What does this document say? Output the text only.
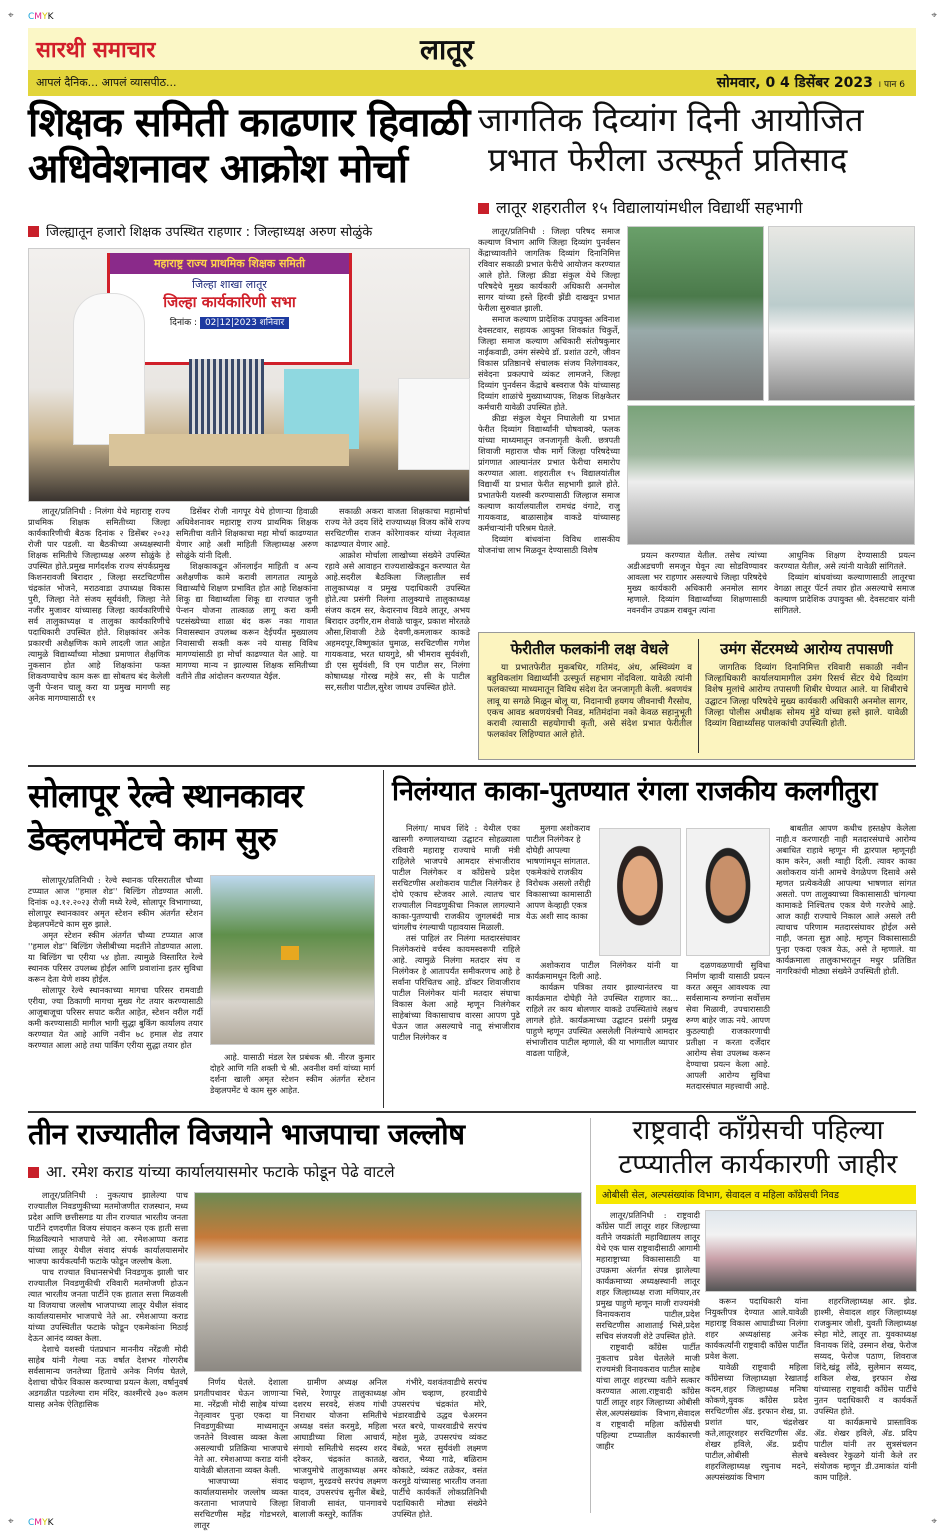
⌖ CMYK	⌖
सारथी समाचार	लातूर
आपलं दैनिक... आपलं व्यासपीठ...	सोमवार, 0 4 डिसेंबर 2023 । पान 6
शिक्षक समिती काढणार हिवाळी
अधिवेशनावर आक्रोश मोर्चा
जिल्ह्यातून हजारो शिक्षक उपस्थित राहणार : जिल्हाध्यक्ष अरुण सोळुंके
महाराष्ट्र राज्य प्राथमिक शिक्षक समिती
जिल्हा शाखा लातूर
जिल्हा कार्यकारिणी सभा
दिनांक : 02|12|2023 शनिवार

लातूर/प्रतिनिधी : निलंगा येथे महाराष्ट्र राज्य प्राथमिक शिक्षक समितीच्या जिल्हा कार्यकारिणीची बैठक दिनांक २ डिसेंबर २०२३ रोजी पार पडली. या बैठकीच्या अध्यक्षस्थानी शिक्षक समितीचे जिल्हाध्यक्ष अरुण सोळुंके हे उपस्थित होते.प्रमुख मार्गदर्शक राज्य संपर्कप्रमुख किशनरावजी बिरादार , जिल्हा सरटचिटणीस चंद्रकांत भोजने, मराठवाडा उपाध्यक्ष विकास पुरी, जिल्हा नेते संजय सूर्यवंशी, जिल्हा नेते नजीर मुजावर यांच्यासह जिल्हा कार्यकारिणीचे सर्व तालुकाध्यक्ष व तालुका कार्यकारिणीचे पदाधिकारी उपस्थित होते. शिक्षकांवर अनेक प्रकारची अशैक्षणिक कामे लादली जात आहेत त्यामुळे विद्यार्थ्यांच्या मोठ्या प्रमाणात शैक्षणिक नुकसान होत आहे शिक्षकांना फक्त शिकवण्याचेच काम करू द्या सोबतच बंद केलेली जुनी पेन्शन चालू करा या प्रमुख मागणी सह अनेक मागण्यासाठी ११

डिसेंबर रोजी नागपूर येथे होणाऱ्या हिवाळी अधिवेशनावर महाराष्ट्र राज्य प्राथमिक शिक्षक समितीचा वतीने शिक्षकाचा महा मोर्चा काढण्यात येणार आहे अशी माहिती जिल्हाध्यक्ष अरुण सोळुंके यांनी दिली.

शिक्षकाकडून ऑनलाईन माहिती व अन्य अशैक्षणीक कामे करावी लागतात त्यामुळे विद्यार्थ्यांचे शिक्षण प्रभावित होत आहे शिक्षकांना शिकू द्या विद्यार्थ्यांला शिकू द्या राज्यात जुनी पेन्शन योजना तात्काळ लागू करा कमी पटसंख्येच्या शाळा बंद करू नका गावात निवासस्थान उपलब्ध करून देईपर्यंत मुख्यालय निवासाची सक्ती करू नये यासह विविध मागण्यांसाठी हा मोर्चा काढण्यात येत आहे. या मागण्या मान्य न झाल्यास शिक्षक समितीच्या वतीने तीव्र आंदोलन करण्यात येईल.

सकाळी अकरा वाजता शिक्षकाचा महामोर्चा राज्य नेते उदय शिंदे राज्याध्यक्ष विजय कोंबे राज्य सरचिटणीस राजन कोरेगावकर यांच्या नेतृत्वात काढण्यात येणार आहे.

आक्रोश मोर्चाला लाखोच्या संख्येने उपस्थित रहावे असे आवाहन राज्यशाखेकडून करण्यात येत आहे.सदरील बैठकिला जिल्हातील सर्व तालुकाध्यक्ष व प्रमुख पदाधिकारी उपस्थित होते.त्या प्रसंगी निलंगा तालुक्याचे तालुकाध्यक्ष संजय कदम सर, केदारनाथ विडवे लातूर, अभय बिरादार उदगीर,राम शेवाळे चाकूर, प्रकाश मोरतळे औसा,शिवाजी टेळे देवणी,कमलाकर काकडे अहमदपूर,विष्णुकांत घुमाळ, सरचिटणीस गणेश गायकवाड, भरत धायगुडे, श्री भीमराव सुर्यवंशी, डी एस सुर्यवंशी, वि एम पाटील सर, निलंगा कोषाध्यक्ष गोरख महेत्रे सर, सी के पाटील सर,सतीश पाटील,सुरेश जाधव उपस्थित होते.

जागतिक दिव्यांग दिनी आयोजित
प्रभात फेरीला उत्स्फूर्त प्रतिसाद
लातूर शहरातील १५ विद्यालायांमधील विद्यार्थी सहभागी

लातूर/प्रतिनिधी : जिल्हा परिषद समाज कल्याण विभाग आणि जिल्हा दिव्यांग पुनर्वसन केंद्राच्यावतीने जागतिक दिव्यांग दिनानिमित्त रविवार सकाळी प्रभात फेरीचे आयोजन करण्यात आले होते. जिल्हा क्रीडा संकुल येथे जिल्हा परिषदेचे मुख्य कार्यकारी अधिकारी अनमोल सागर यांच्या हस्ते हिरवी झेंडी दाखवून प्रभात फेरीला सुरुवात झाली.

समाज कल्याण प्रादेशिक उपायुक्त अविनाश देवसटवार, सहायक आयुक्त शिवकांत चिकुर्ते, जिल्हा समाज कल्याण अधिकारी संतोषकुमार नाईकवाडी, उमंग संस्थेचे डॉ. प्रशांत उटगे, जीवन विकास प्रतिष्ठानचे संचालक संजय निलेगावकर, संवेदना प्रकल्पाचे व्यंकट लामजने, जिल्हा दिव्यांग पुनर्वसन केंद्राचे बस्वराज पैके यांच्यासह दिव्यांग शाळांचे मुख्याध्यापक, शिक्षक शिक्षकेतर कर्मचारी यावेळी उपस्थित होते.

क्रीडा संकुल येथून निघालेली या प्रभात फेरीत दिव्यांग विद्यार्थ्यांनी घोषवाक्ये, फलक यांच्या माध्यमातून जनजागृती केली. छत्रपती शिवाजी महाराज चौक मार्गे जिल्हा परिषदेच्या प्रांगणात आल्यानंतर प्रभात फेरीचा समारोप करण्यात आला. शहरातील १५ विद्यालयांतील विद्यार्थी या प्रभात फेरीत सहभागी झाले होते. प्रभातफेरी यशस्वी करण्यासाठी जिल्हाज समाज कल्याण कार्यालयातील रामचंद्र वंगाटे, राजु गायकवाड, बाळासाहेब वाकडे यांच्यासह कर्मचाऱ्यांनी परिश्रम घेतले.

दिव्यांग बांधवांना विविध शासकीय योजनांचा लाभ मिळवून देण्यासाठी विशेष	प्रयत्न करण्यात येतील. तसेच त्यांच्या अडीअडचणी समजून घेवून त्या सोडविण्यावर आवत्ला भर राहणार असल्याचे जिल्हा परिषदेचे मुख्य कार्यकारी अधिकारी अनमोल सागर म्हणाले. दिव्यांग विद्यार्थ्यांच्या शिक्षणासाठी नवनवीन उपक्रम राबवून त्यांना

आधुनिक शिक्षण देण्यासाठी प्रयत्न करण्यात येतील, असे त्यांनी यावेळी सांगितले.

दिव्यांग बांधवांच्या कल्याणासाठी लातूरचा वेगळा लातूर पॅटर्न तयार होत असल्याचे समाज कल्याण प्रादेशिक उपायुक्त श्री. देवसटवार यांनी सांगितले.

फेरीतील फलकांनी लक्ष वेधले

या प्रभातफेरीत मुकबधिर, गतिमंद, अंध, अस्थिव्यंग व बहुविकलांग विद्यार्थ्यांनी उत्स्फुर्त सहभाग नोंदविला. यावेळी त्यांनी फलकाच्या माध्यमातून विविध संदेश देत जनजागृती केली. श्रवणयंत्र लावू या सगळे मिळून बोलू या, निदानाची हयगय जीवनाची गैरसोय, एकच आवड श्रवणयंत्रची निवड, मतिमंदांना नको केवळ सहानुभूती करावी त्यासाठी सहयोगाची कृती, असे संदेश प्रभात फेरीतील फलकांवर लिहिण्यात आले होते.

उमंग सेंटरमध्ये आरोग्य तपासणी

जागतिक दिव्यांग दिनानिमित्त रविवारी सकाळी नवीन जिल्हाधिकारी कार्यालयामागील उमंग रिसर्च सेंटर येथे दिव्यांग विशेष मुलांचे आरोग्य तपासणी शिबीर घेण्यात आले. या शिबीराचे उद्घाटन जिल्हा परिषदेचे मुख्य कार्यकारी अधिकारी अनमोल सागर, जिल्हा पोलीस अधीक्षक सोमय मुंडे यांच्या हस्ते झाले. यावेळी दिव्यांग विद्यार्थ्यांसह पालकांची उपस्थिती होती.

सोलापूर रेल्वे स्थानकावर
डेव्हलपमेंटचे काम सुरु

सोलापूर/प्रतिनिधी : रेल्वे स्थानक परिसरातील चौथ्या टप्प्यात आज ''हमाल शेड'' बिल्डिंग तोडण्यात आली. दिनांक ०३.१२.२०२३ रोजी मध्ये रेल्वे, सोलापूर विभागाच्या, सोलापूर स्थानकावर अमृत स्टेशन स्कीम अंतर्गत स्टेशन डेव्हलपमेंटचे काम सुरु झाले.

अमृत स्टेशन स्कीम अंतर्गत चौथ्या टप्प्यात आज ''हमाल शेड'' बिल्डिंग जेसीबीच्या मदतीने तोडण्यात आला. या बिल्डिंग चा एरीया ५४ होता. त्यामुळे विस्तारित रेल्वे स्थानक परिसर उपलब्ध होईल आणि प्रवाशांना इतर सुविधा करून देता येणे शक्य होईल.

सोलापूर रेल्वे स्थानकाच्या मागचा परिसर रामवाडी एरीया, ज्या ठिकाणी मागचा मुख्य गेट तयार करण्यासाठी आजुबाजूचा परिसर सपाट करीत आहेत, स्टेशन वरील गर्दी कमी करण्यासाठी मागील भागी सुद्धा बुकिंग कार्यालय तयार करण्यात येत आहे आणि नवीन ७८ हमाल शेड तयार करण्यात आला आहे तथा पार्किंग एरीया सुद्धा तयार होत

आहे. यासाठी मंडल रेल प्रबंधक श्री. नीरज कुमार दोहरे आणि गति शक्ती चे श्री. अवनीश वर्मा यांच्या मार्ग दर्शना खाली अमृत स्टेशन स्कीम अंतर्गत स्टेशन डेव्हलपमेंट चे काम सुरु आहेत.

निलंग्यात काका-पुतण्यात रंगला राजकीय कलगीतुरा

निलंगा/ माधव शिंदे : येथील एका खासगी रुग्णालयाच्या उद्घाटन सोहळ्याला रविवारी महाराष्ट्र राज्याचे माजी मंत्री राहिलेले भाजपचे आमदार संभाजीराव पाटील निलंगेकर व काँग्रेसचे प्रदेश सरचिटणीस अशोकराव पाटील निलंगेकर हे दोघे एकाच स्टेजवर आले. त्यातच चार राज्यातील निवडणुकीचा निकाल लागल्याने काका-पुतण्याची राजकीय जुगलबंदी मात्र चांगलीच रंगल्याची पहावयास मिळाली.

तसं पाहिलं तर निलंगा मतदारसंघावर निलंगेकरांचे वर्चस्व कायमस्वरूपी राहिले आहे. त्यामुळे निलंगा मतदार संघ व निलंगेकर हे आतापर्यंत समीकरणच आहे हे सर्वांना परिचितच आहे. डॉक्टर शिवाजीराव पाटील निलंगेकर यांनी मतदार संघाचा विकास केला आहे म्हणून निलंगेकर साहेबांच्या विकासाचाच वारसा आपण पुढे घेऊन जात असल्याचे नातू संभाजीराव पाटील निलंगेकर व

मुलगा अशोकराव पाटील निलंगेकर हे दोघेही आपल्या भाषणांमधून सांगतात. एकमेकांचे राजकीय विरोधक असलो तरीही विकासाच्या कामासाठी आपण केव्हाही एकत्र येऊ अशी साद काका

अशोकराव पाटील निलंगेकर यांनी या कार्यक्रमामधून दिली आहे.

कार्यक्रम पत्रिका तयार झाल्यानंतरच या कार्यक्रमात दोघेही नेते उपस्थित राहणार का... राहिले तर काय बोलणार याकडे उपस्थितांचे लक्षच लागले होते. कार्यक्रमाच्या उद्घाटन प्रसंगी प्रमुख पाहुणे म्हणून उपस्थित असलेली निलंग्याचे आमदार संभाजीराव पाटील म्हणाले, की या भागातील व्यापार वाढला पाहिजे,

दळणवळणाची सुविधा निर्माण व्हावी यासाठी प्रयत्न करत असून आवश्यक त्या सर्वसामान्य रुग्णांना सर्वोत्तम सेवा मिळावी, उपचारासाठी रुग्ण बाहेर जाऊ नये. आपण कुठल्याही राजकारणाची प्रतीक्षा न करता दर्जेदार आरोग्य सेवा उपलब्ध करून देण्याचा प्रयत्न केला आहे. आपली आरोग्य सुविधा मतदारसंघात महत्त्वाची आहे.

बाबतीत आपण कधीच हस्तक्षेप केलेला नाही.व करणारही नाही मतदारसंघाचे आरोग्य अबाधित राहावे म्हणून मी द्वारपाल म्हणूनही काम करेन, अशी ग्वाही दिली. त्यावर काका अशोकराव यांनी आमचे वेगळेपण दिसावे असे म्हणत प्रत्येकवेळी आपल्या भाषणात सांगत असतो. पण तालुक्याच्या विकासासाठी चांगल्या कामाकडे निश्चितच एकत्र येणे गरजेचे आहे. आज काही राज्याचे निकाल आले असले तरी त्याचाच परिणाम मतदारसंघावर होईल असे नाही, जनता सुज्ञ आहे. म्हणून विकासासाठी पुन्हा एकदा एकत्र येऊ, असे ते म्हणाले. या कार्यक्रमाला तालुकाभरातून मधुर प्रतिष्ठित नागरिकांची मोठ्या संख्येने उपस्थिती होती.

तीन राज्यातील विजयाने भाजपाचा जल्लोष
आ. रमेश कराड यांच्या कार्यालयासमोर फटाके फोडून पेढे वाटले

लातूर/प्रतिनिधी : नुकत्याच झालेल्या पाच राज्यातील निवडणुकीच्या मतमोजणीत राजस्थान, मध्य प्रदेश आणि छत्तीसगड या तीन राज्यात भारतीय जनता पार्टीने दणदणीत विजय संपादन करून एक हाती सत्ता मिळविल्याने भाजपाचे नेते आ. रमेशआप्पा कराड यांच्या लातूर येथील संवाद संपर्क कार्यालयासमोर भाजपा कार्यकर्त्यांनी फटाके फोडून जल्लोष केला.

पाच राज्यात विधानसभेची निवडणुक झाली चार राज्यातील निवडणुकीची रविवारी मतमोजणी होऊन त्यात भारतीय जनता पार्टीने एक हातात सत्ता मिळवली या विजयाचा जल्लोष भाजपाच्या लातूर येथील संवाद कार्यालयासमोर भाजपाचे नेते आ. रमेशआप्पा कराड यांच्या उपस्थितीत फटाके फोडून एकमेकांना मिठाई देऊन आनंद व्यक्त केला.

देशाचे यशस्वी पंतप्रधान माननीय नरेंद्रजी मोदी साहेब यांनी गेल्या नऊ वर्षात देशभर गोरगरीब सर्वसामान्य जनतेच्या हिताचे अनेक निर्णय घेतले, देशाचा चौफेर विकास करण्याचा प्रयत्न केला, वर्षानुवर्ष अडगळीत पडलेल्या राम मंदिर, काश्मीरचे ३७० कलम यासह अनेक ऐतिहासिक

निर्णय घेतले. देशाला प्रगतीपथावर घेऊन जाणाऱ्या मा. नरेंद्रजी मोदी साहेब यांच्या नेतृत्वावर पुन्हा एकदा या निवडणुकीच्या माध्यमातून जनतेने विश्वास व्यक्त केला असल्याची प्रतिक्रिया भाजपाचे नेते आ. रमेशआप्पा कराड यांनी यावेळी बोलताना व्यक्त केली.

भाजपाच्या संवाद कार्यालयासमोर जल्लोष व्यक्त करताना भाजपाचे जिल्हा सरचिटणीस महेंद्र गोडभरले, लातूर

ग्रामीण अध्यक्ष अनिल भिसे, रेणापूर तालुकाध्यक्ष दशरथ सरवदे, संजय गांधी निराधार योजना समितीचे अध्यक्ष वसंत करमुडे, महिला आघाडीच्या शिला आचार्य, संगायो समितीचे सदस्य शरद दरेकर, चंद्रकांत कातळे, भाजयुमोचे तालुकाध्यक्ष अमर चव्हाण, मुरढवचे सरपंच लक्ष्मण यादव, उपसरपंच सुनील बेंबडे, शिवाजी सावंत, पानगावचे बालाजी कस्तुरे, कार्तिक

गंभीरे, यशवंतवाडीचे सरपंच ओम चव्हाण, हरवाडीचे उपसरपंच चंद्रकांत मोरे, भंडारवाडीचे उद्धव चेअरमन भरत बरचे, पाथरवाडीचे सरपंच महेश मुळे, उपसरपंच व्यंकट वेंबळे, भरत सुर्यवंशी लक्ष्मण खरात, भैय्या गाढे, बळिराम कोकाटे, व्यंकट तळेकर, वसंत करमुडे यांच्यासह भारतीय जनता पार्टीचे कार्यकर्ते लोकप्रतिनिधी पदाधिकारी मोठ्या संख्येने उपस्थित होते.

राष्ट्रवादी कॉंग्रेसची पहिल्या
टप्प्यातील कार्यकारणी जाहीर
ओबीसी सेल, अल्पसंख्यांक विभाग, सेवादल व महिला कॉंग्रेसची निवड

लातूर/प्रतिनिधी : राष्ट्रवादी कॉंग्रेस पार्टी लातूर शहर जिल्हाच्या वतीने जयक्रांती महाविद्यालय लातूर येथे एक घास राष्ट्रवादीसाठी आगामी महाराष्ट्राच्या विकासासाठी या उपक्रमा अंतर्गत संपन्न झालेल्या कार्यक्रमाच्या अध्यक्षस्थानी लातूर शहर जिल्हाध्यक्ष राजा मणियार,तर प्रमुख पाहुणे म्हणून माजी राज्यमंत्री विनायकराव पाटील,प्रदेश सरचिटणीस आशाताई भिसे,प्रदेश सचिव संजयजी शेटे उपस्थित होते.

राष्ट्रवादी कॉंग्रेस पार्टीत नुकताच प्रवेश घेतलेले माजी राज्यमंत्री विनायकराव पाटील साहेब यांचा लातूर शहरच्या वतीने सत्कार करण्यात आला.राष्ट्रवादी कॉंग्रेस पार्टी लातूर शहर जिल्हाच्या ओबीसी सेल,अल्पसंख्यांक विभाग,सेवादल व राष्ट्रवादी महिला कॉंग्रेसची पहिल्या टप्प्यातील कार्यकारणी जाहीर

करून पदाधिकारी यांना नियुक्तीपत्र देण्यात आले.यावेळी महाराष्ट्र विकास आघाडीच्या निलंगा शहर अध्यक्षांसह अनेक कार्यकर्त्यांनी राष्ट्रवादी कॉंग्रेस पार्टीत प्रवेश केला.

यावेळी राष्ट्रवादी महिला कॉंग्रेसच्या जिल्हाध्यक्षा रेखाताई कदम,शहर जिल्हाध्यक्ष मनिषा कोकणे,युवक कॉंग्रेस प्रदेश सरचिटणीस ॲड. इरफान शेख, प्रा. प्रशांत घार, चंद्रशेखर कते,लातूरशहर सरचिटणीस ॲड. शेखर हविले, ॲड. प्रदीप पाटील,ओबीसी सेलचे शहरजिल्हाध्यक्ष रघुनाथ मदने, अल्पसंख्यांक विभाग

शहरजिल्हाध्यक्ष आर. झेड. हाश्मी, सेवादल शहर जिल्हाध्यक्ष राजकुमार जोशी, युवती जिल्हाध्यक्ष स्नेहा मोटे, लातूर ता. युवकाध्यक्ष विनायक शिंदे, उस्मान शेख, फेरोज सय्यद, फेरोज पठाण, शिवराज शिंदे,खंडू लोंढे, सुलेमान सय्यद, शकिल शेख, इरफान शेख यांच्यासह राष्ट्रवादी कॉंग्रेस पार्टीचे नुतन पदाधिकारी व कार्यकर्ते उपस्थित होते.

या कार्यक्रमाचे प्रास्ताविक ॲड. शेखर हविले, ॲड. प्रदिप पाटील यांनी तर सुत्रसंचलन बस्वेश्वर रेकुळगे यांनी केले तर संयोजक म्हणून डी.उमाकांत यांनी काम पाहिले.

⌖ CMYK	⌖
